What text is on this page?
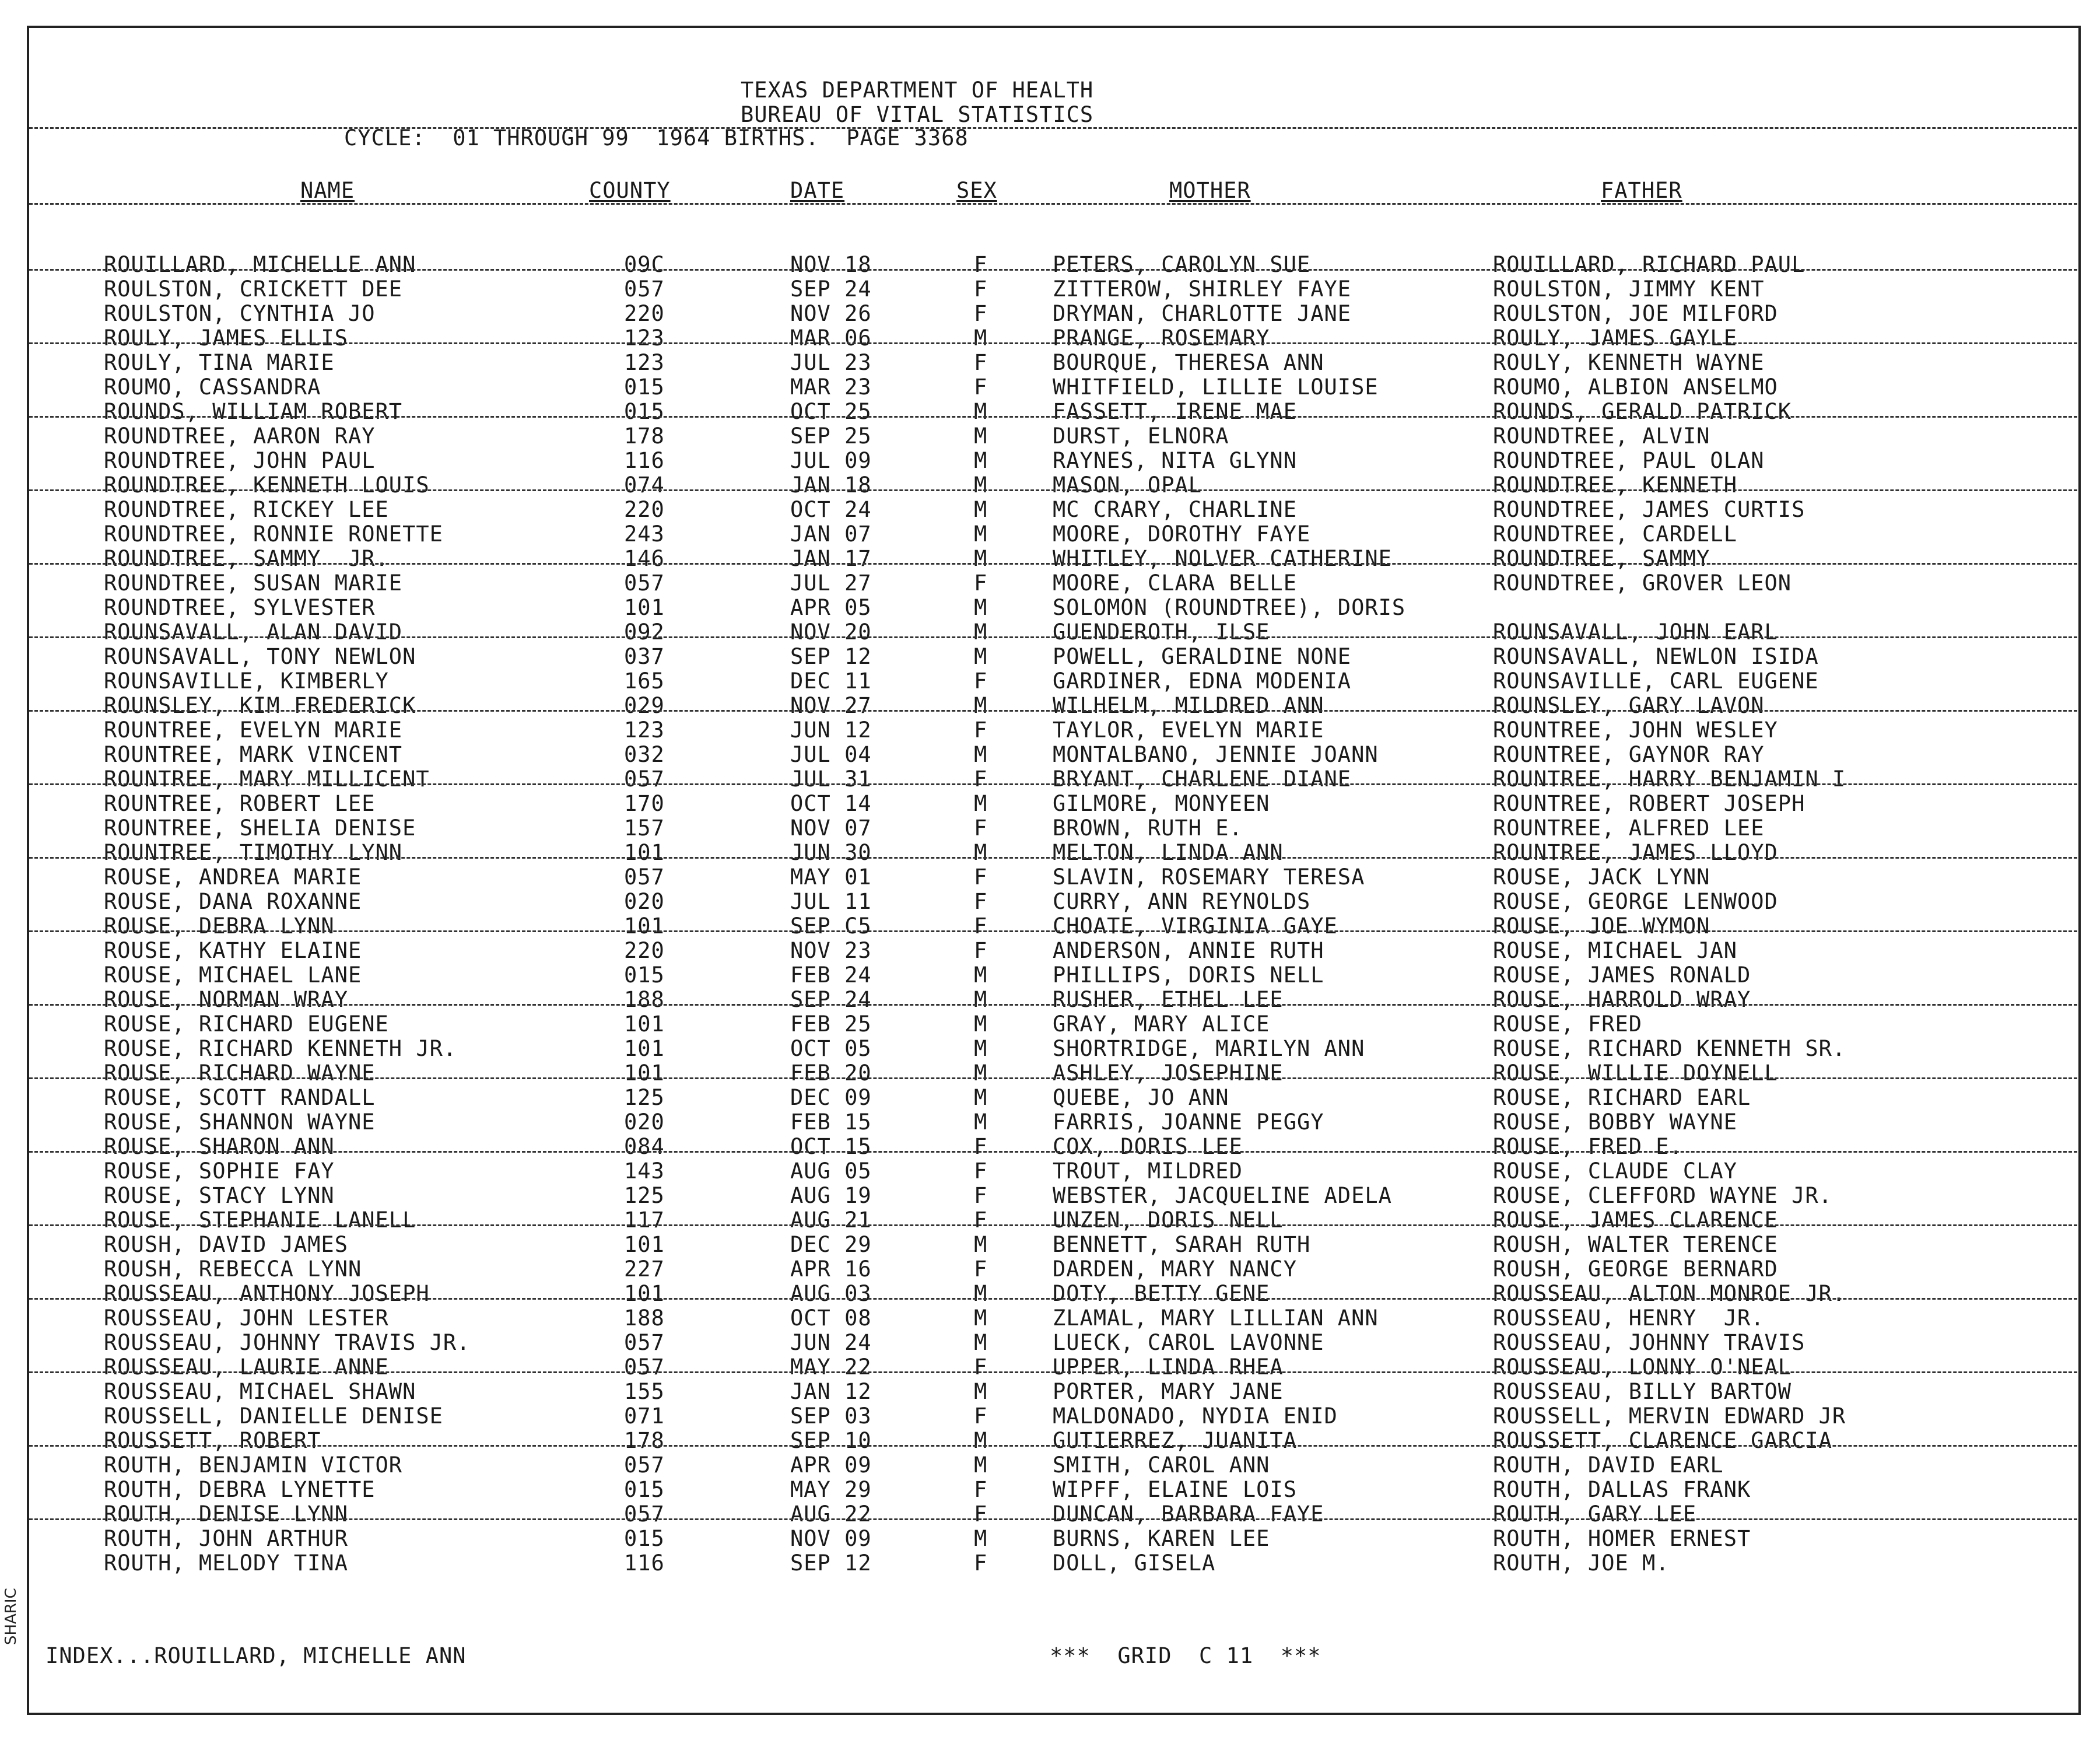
TEXAS DEPARTMENT OF HEALTH
BUREAU OF VITAL STATISTICS
CYCLE:  01 THROUGH 99  1964 BIRTHS.  PAGE 3368
NAME	COUNTY	DATE	SEX	MOTHER	FATHER
ROUILLARD, MICHELLE ANN	09C	NOV 18	F	PETERS, CAROLYN SUE	ROUILLARD, RICHARD PAUL
ROULSTON, CRICKETT DEE	057	SEP 24	F	ZITTEROW, SHIRLEY FAYE	ROULSTON, JIMMY KENT
ROULSTON, CYNTHIA JO	220	NOV 26	F	DRYMAN, CHARLOTTE JANE	ROULSTON, JOE MILFORD
ROULY, JAMES ELLIS	123	MAR 06	M	PRANGE, ROSEMARY	ROULY, JAMES GAYLE
ROULY, TINA MARIE	123	JUL 23	F	BOURQUE, THERESA ANN	ROULY, KENNETH WAYNE
ROUMO, CASSANDRA	015	MAR 23	F	WHITFIELD, LILLIE LOUISE	ROUMO, ALBION ANSELMO
ROUNDS, WILLIAM ROBERT	015	OCT 25	M	FASSETT, IRENE MAE	ROUNDS, GERALD PATRICK
ROUNDTREE, AARON RAY	178	SEP 25	M	DURST, ELNORA	ROUNDTREE, ALVIN
ROUNDTREE, JOHN PAUL	116	JUL 09	M	RAYNES, NITA GLYNN	ROUNDTREE, PAUL OLAN
ROUNDTREE, KENNETH LOUIS	074	JAN 18	M	MASON, OPAL	ROUNDTREE, KENNETH
ROUNDTREE, RICKEY LEE	220	OCT 24	M	MC CRARY, CHARLINE	ROUNDTREE, JAMES CURTIS
ROUNDTREE, RONNIE RONETTE	243	JAN 07	M	MOORE, DOROTHY FAYE	ROUNDTREE, CARDELL
ROUNDTREE, SAMMY  JR.	146	JAN 17	M	WHITLEY, NOLVER CATHERINE	ROUNDTREE, SAMMY
ROUNDTREE, SUSAN MARIE	057	JUL 27	F	MOORE, CLARA BELLE	ROUNDTREE, GROVER LEON
ROUNDTREE, SYLVESTER	101	APR 05	M	SOLOMON (ROUNDTREE), DORIS
ROUNSAVALL, ALAN DAVID	092	NOV 20	M	GUENDEROTH, ILSE	ROUNSAVALL, JOHN EARL
ROUNSAVALL, TONY NEWLON	037	SEP 12	M	POWELL, GERALDINE NONE	ROUNSAVALL, NEWLON ISIDA
ROUNSAVILLE, KIMBERLY	165	DEC 11	F	GARDINER, EDNA MODENIA	ROUNSAVILLE, CARL EUGENE
ROUNSLEY, KIM FREDERICK	029	NOV 27	M	WILHELM, MILDRED ANN	ROUNSLEY, GARY LAVON
ROUNTREE, EVELYN MARIE	123	JUN 12	F	TAYLOR, EVELYN MARIE	ROUNTREE, JOHN WESLEY
ROUNTREE, MARK VINCENT	032	JUL 04	M	MONTALBANO, JENNIE JOANN	ROUNTREE, GAYNOR RAY
ROUNTREE, MARY MILLICENT	057	JUL 31	F	BRYANT, CHARLENE DIANE	ROUNTREE, HARRY BENJAMIN I
ROUNTREE, ROBERT LEE	170	OCT 14	M	GILMORE, MONYEEN	ROUNTREE, ROBERT JOSEPH
ROUNTREE, SHELIA DENISE	157	NOV 07	F	BROWN, RUTH E.	ROUNTREE, ALFRED LEE
ROUNTREE, TIMOTHY LYNN	101	JUN 30	M	MELTON, LINDA ANN	ROUNTREE, JAMES LLOYD
ROUSE, ANDREA MARIE	057	MAY 01	F	SLAVIN, ROSEMARY TERESA	ROUSE, JACK LYNN
ROUSE, DANA ROXANNE	020	JUL 11	F	CURRY, ANN REYNOLDS	ROUSE, GEORGE LENWOOD
ROUSE, DEBRA LYNN	101	SEP C5	F	CHOATE, VIRGINIA GAYE	ROUSE, JOE WYMON
ROUSE, KATHY ELAINE	220	NOV 23	F	ANDERSON, ANNIE RUTH	ROUSE, MICHAEL JAN
ROUSE, MICHAEL LANE	015	FEB 24	M	PHILLIPS, DORIS NELL	ROUSE, JAMES RONALD
ROUSE, NORMAN WRAY	188	SEP 24	M	RUSHER, ETHEL LEE	ROUSE, HARROLD WRAY
ROUSE, RICHARD EUGENE	101	FEB 25	M	GRAY, MARY ALICE	ROUSE, FRED
ROUSE, RICHARD KENNETH JR.	101	OCT 05	M	SHORTRIDGE, MARILYN ANN	ROUSE, RICHARD KENNETH SR.
ROUSE, RICHARD WAYNE	101	FEB 20	M	ASHLEY, JOSEPHINE	ROUSE, WILLIE DOYNELL
ROUSE, SCOTT RANDALL	125	DEC 09	M	QUEBE, JO ANN	ROUSE, RICHARD EARL
ROUSE, SHANNON WAYNE	020	FEB 15	M	FARRIS, JOANNE PEGGY	ROUSE, BOBBY WAYNE
ROUSE, SHARON ANN	084	OCT 15	F	COX, DORIS LEE	ROUSE, FRED E.
ROUSE, SOPHIE FAY	143	AUG 05	F	TROUT, MILDRED	ROUSE, CLAUDE CLAY
ROUSE, STACY LYNN	125	AUG 19	F	WEBSTER, JACQUELINE ADELA	ROUSE, CLEFFORD WAYNE JR.
ROUSE, STEPHANIE LANELL	117	AUG 21	F	UNZEN, DORIS NELL	ROUSE, JAMES CLARENCE
ROUSH, DAVID JAMES	101	DEC 29	M	BENNETT, SARAH RUTH	ROUSH, WALTER TERENCE
ROUSH, REBECCA LYNN	227	APR 16	F	DARDEN, MARY NANCY	ROUSH, GEORGE BERNARD
ROUSSEAU, ANTHONY JOSEPH	101	AUG 03	M	DOTY, BETTY GENE	ROUSSEAU, ALTON MONROE JR.
ROUSSEAU, JOHN LESTER	188	OCT 08	M	ZLAMAL, MARY LILLIAN ANN	ROUSSEAU, HENRY  JR.
ROUSSEAU, JOHNNY TRAVIS JR.	057	JUN 24	M	LUECK, CAROL LAVONNE	ROUSSEAU, JOHNNY TRAVIS
ROUSSEAU, LAURIE ANNE	057	MAY 22	F	UPPER, LINDA RHEA	ROUSSEAU, LONNY O'NEAL
ROUSSEAU, MICHAEL SHAWN	155	JAN 12	M	PORTER, MARY JANE	ROUSSEAU, BILLY BARTOW
ROUSSELL, DANIELLE DENISE	071	SEP 03	F	MALDONADO, NYDIA ENID	ROUSSELL, MERVIN EDWARD JR
ROUSSETT, ROBERT	178	SEP 10	M	GUTIERREZ, JUANITA	ROUSSETT, CLARENCE GARCIA
ROUTH, BENJAMIN VICTOR	057	APR 09	M	SMITH, CAROL ANN	ROUTH, DAVID EARL
ROUTH, DEBRA LYNETTE	015	MAY 29	F	WIPFF, ELAINE LOIS	ROUTH, DALLAS FRANK
ROUTH, DENISE LYNN	057	AUG 22	F	DUNCAN, BARBARA FAYE	ROUTH, GARY LEE
ROUTH, JOHN ARTHUR	015	NOV 09	M	BURNS, KAREN LEE	ROUTH, HOMER ERNEST
ROUTH, MELODY TINA	116	SEP 12	F	DOLL, GISELA	ROUTH, JOE M.
INDEX...ROUILLARD, MICHELLE ANN	***  GRID  C 11  ***
SHARIC
